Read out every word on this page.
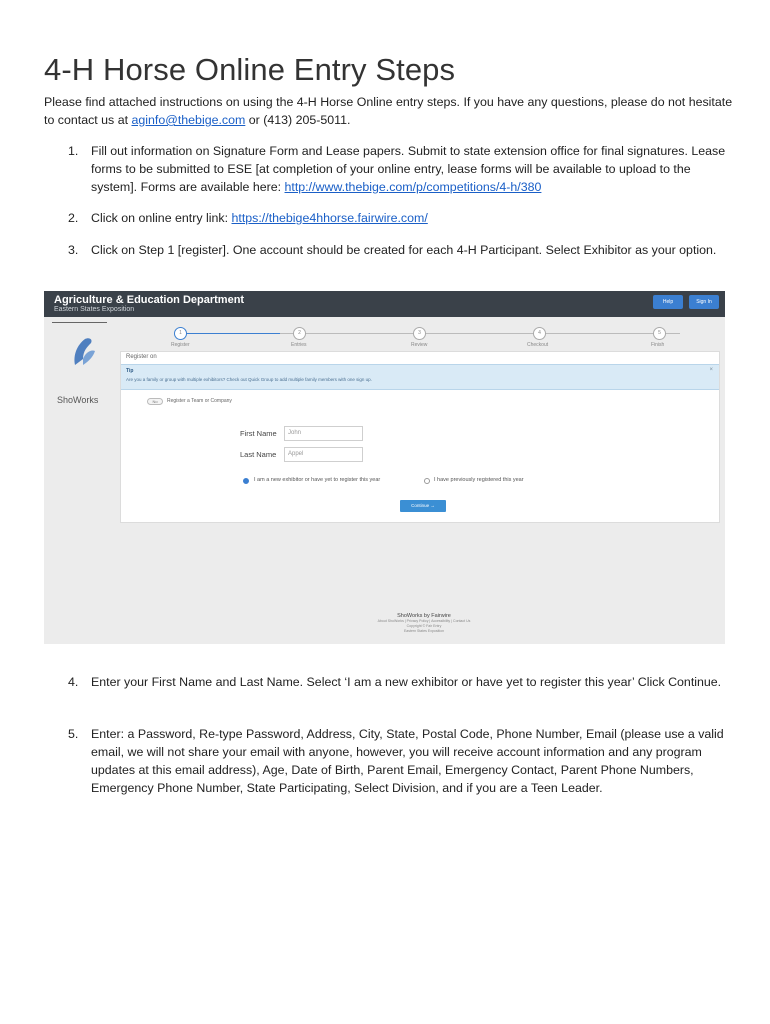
4-H Horse Online Entry Steps

Please find attached instructions on using the 4-H Horse Online entry steps. If you have any questions, please do not hesitate to contact us at aginfo@thebige.com or (413) 205-5011.

1.	Fill out information on Signature Form and Lease papers. Submit to state extension office for final signatures. Lease forms to be submitted to ESE [at completion of your online entry, lease forms will be available to upload to the system]. Forms are available here: http://www.thebige.com/p/competitions/4-h/380
2.	Click on online entry link: https://thebige4hhorse.fairwire.com/
3.	Click on Step 1 [register]. One account should be created for each 4-H Participant. Select Exhibitor as your option.
Agriculture & Education Department
Eastern States Exposition
Help	Sign In
ShoWorks
1	2	3	4	5
Register	Entries	Review	Checkout	Finish
Register on
Tip
Are you a family or group with multiple exhibitors? Check out Quick Group to add multiple family members with one sign up.
×
No	Register a Team or Company
First Name	John
Last Name	Appel
I am a new exhibitor or have yet to register this year	I have previously registered this year
Continue →
ShoWorks by Fairwire
About ShoWorks | Privacy Policy | Accessibility | Contact Us
Copyright © Fair Entry
Eastern States Exposition
4.	Enter your First Name and Last Name. Select ‘I am a new exhibitor or have yet to register this year’ Click Continue.
5.	Enter: a Password, Re-type Password, Address, City, State, Postal Code, Phone Number, Email (please use a valid email, we will not share your email with anyone, however, you will receive account information and any program updates at this email address), Age, Date of Birth, Parent Email, Emergency Contact, Parent Phone Numbers, Emergency Phone Number, State Participating, Select Division, and if you are a Teen Leader.
